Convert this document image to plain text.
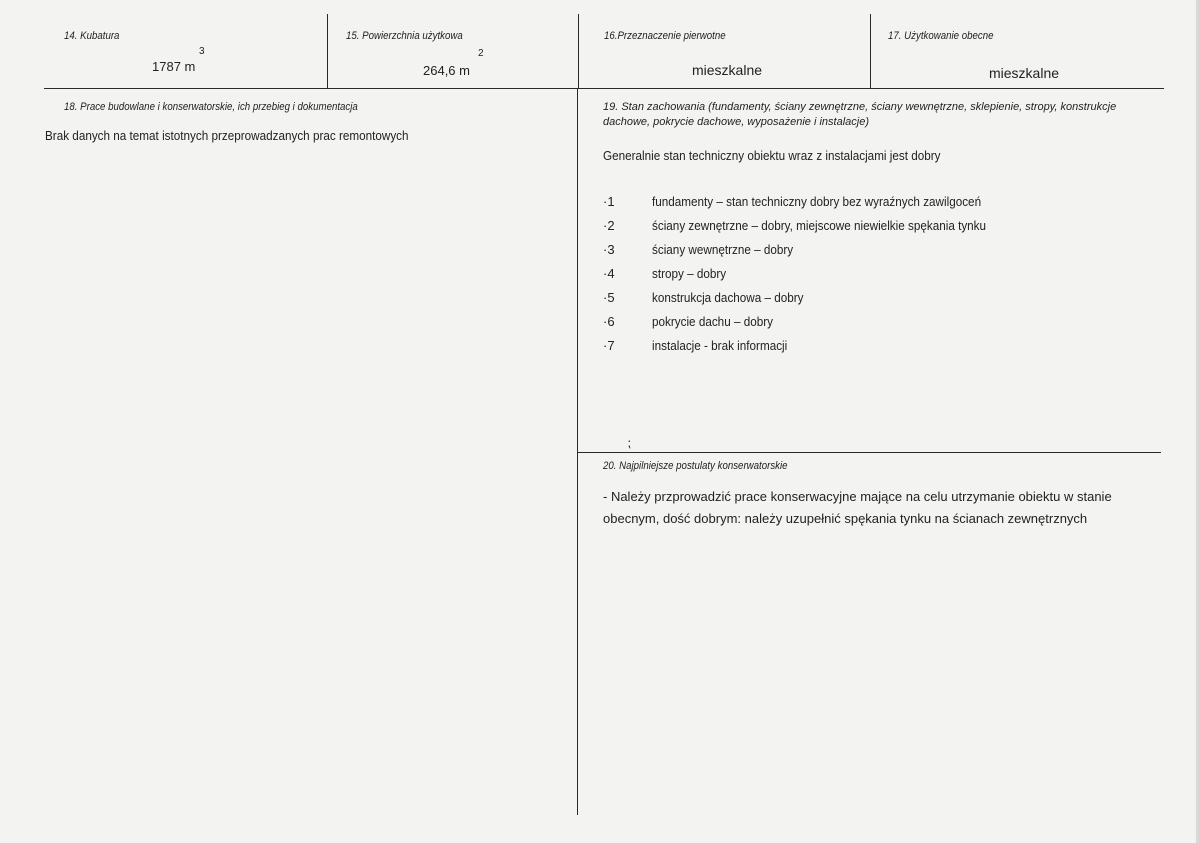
14. Kubatura
1787 m
3
15. Powierzchnia użytkowa
264,6 m
2
16.Przeznaczenie pierwotne
mieszkalne
17. Użytkowanie obecne
mieszkalne
18. Prace budowlane i konserwatorskie, ich przebieg i dokumentacja
Brak danych na temat istotnych przeprowadzanych prac remontowych
19. Stan zachowania (fundamenty, ściany zewnętrzne, ściany wewnętrzne, sklepienie, stropy, konstrukcje dachowe, pokrycie dachowe, wyposażenie i instalacje)
Generalnie stan techniczny obiektu wraz z instalacjami jest dobry
·1	fundamenty – stan techniczny dobry bez wyraźnych zawilgoceń
·2	ściany zewnętrzne – dobry, miejscowe niewielkie spękania tynku
·3	ściany wewnętrzne – dobry
·4	stropy – dobry
·5	konstrukcja dachowa – dobry
·6	pokrycie dachu – dobry
·7	instalacje - brak informacji
⁏
20. Najpilniejsze postulaty konserwatorskie
- Należy przprowadzić prace konserwacyjne mające na celu utrzymanie obiektu w stanie obecnym, dość dobrym: należy uzupełnić spękania tynku na ścianach zewnętrznych
